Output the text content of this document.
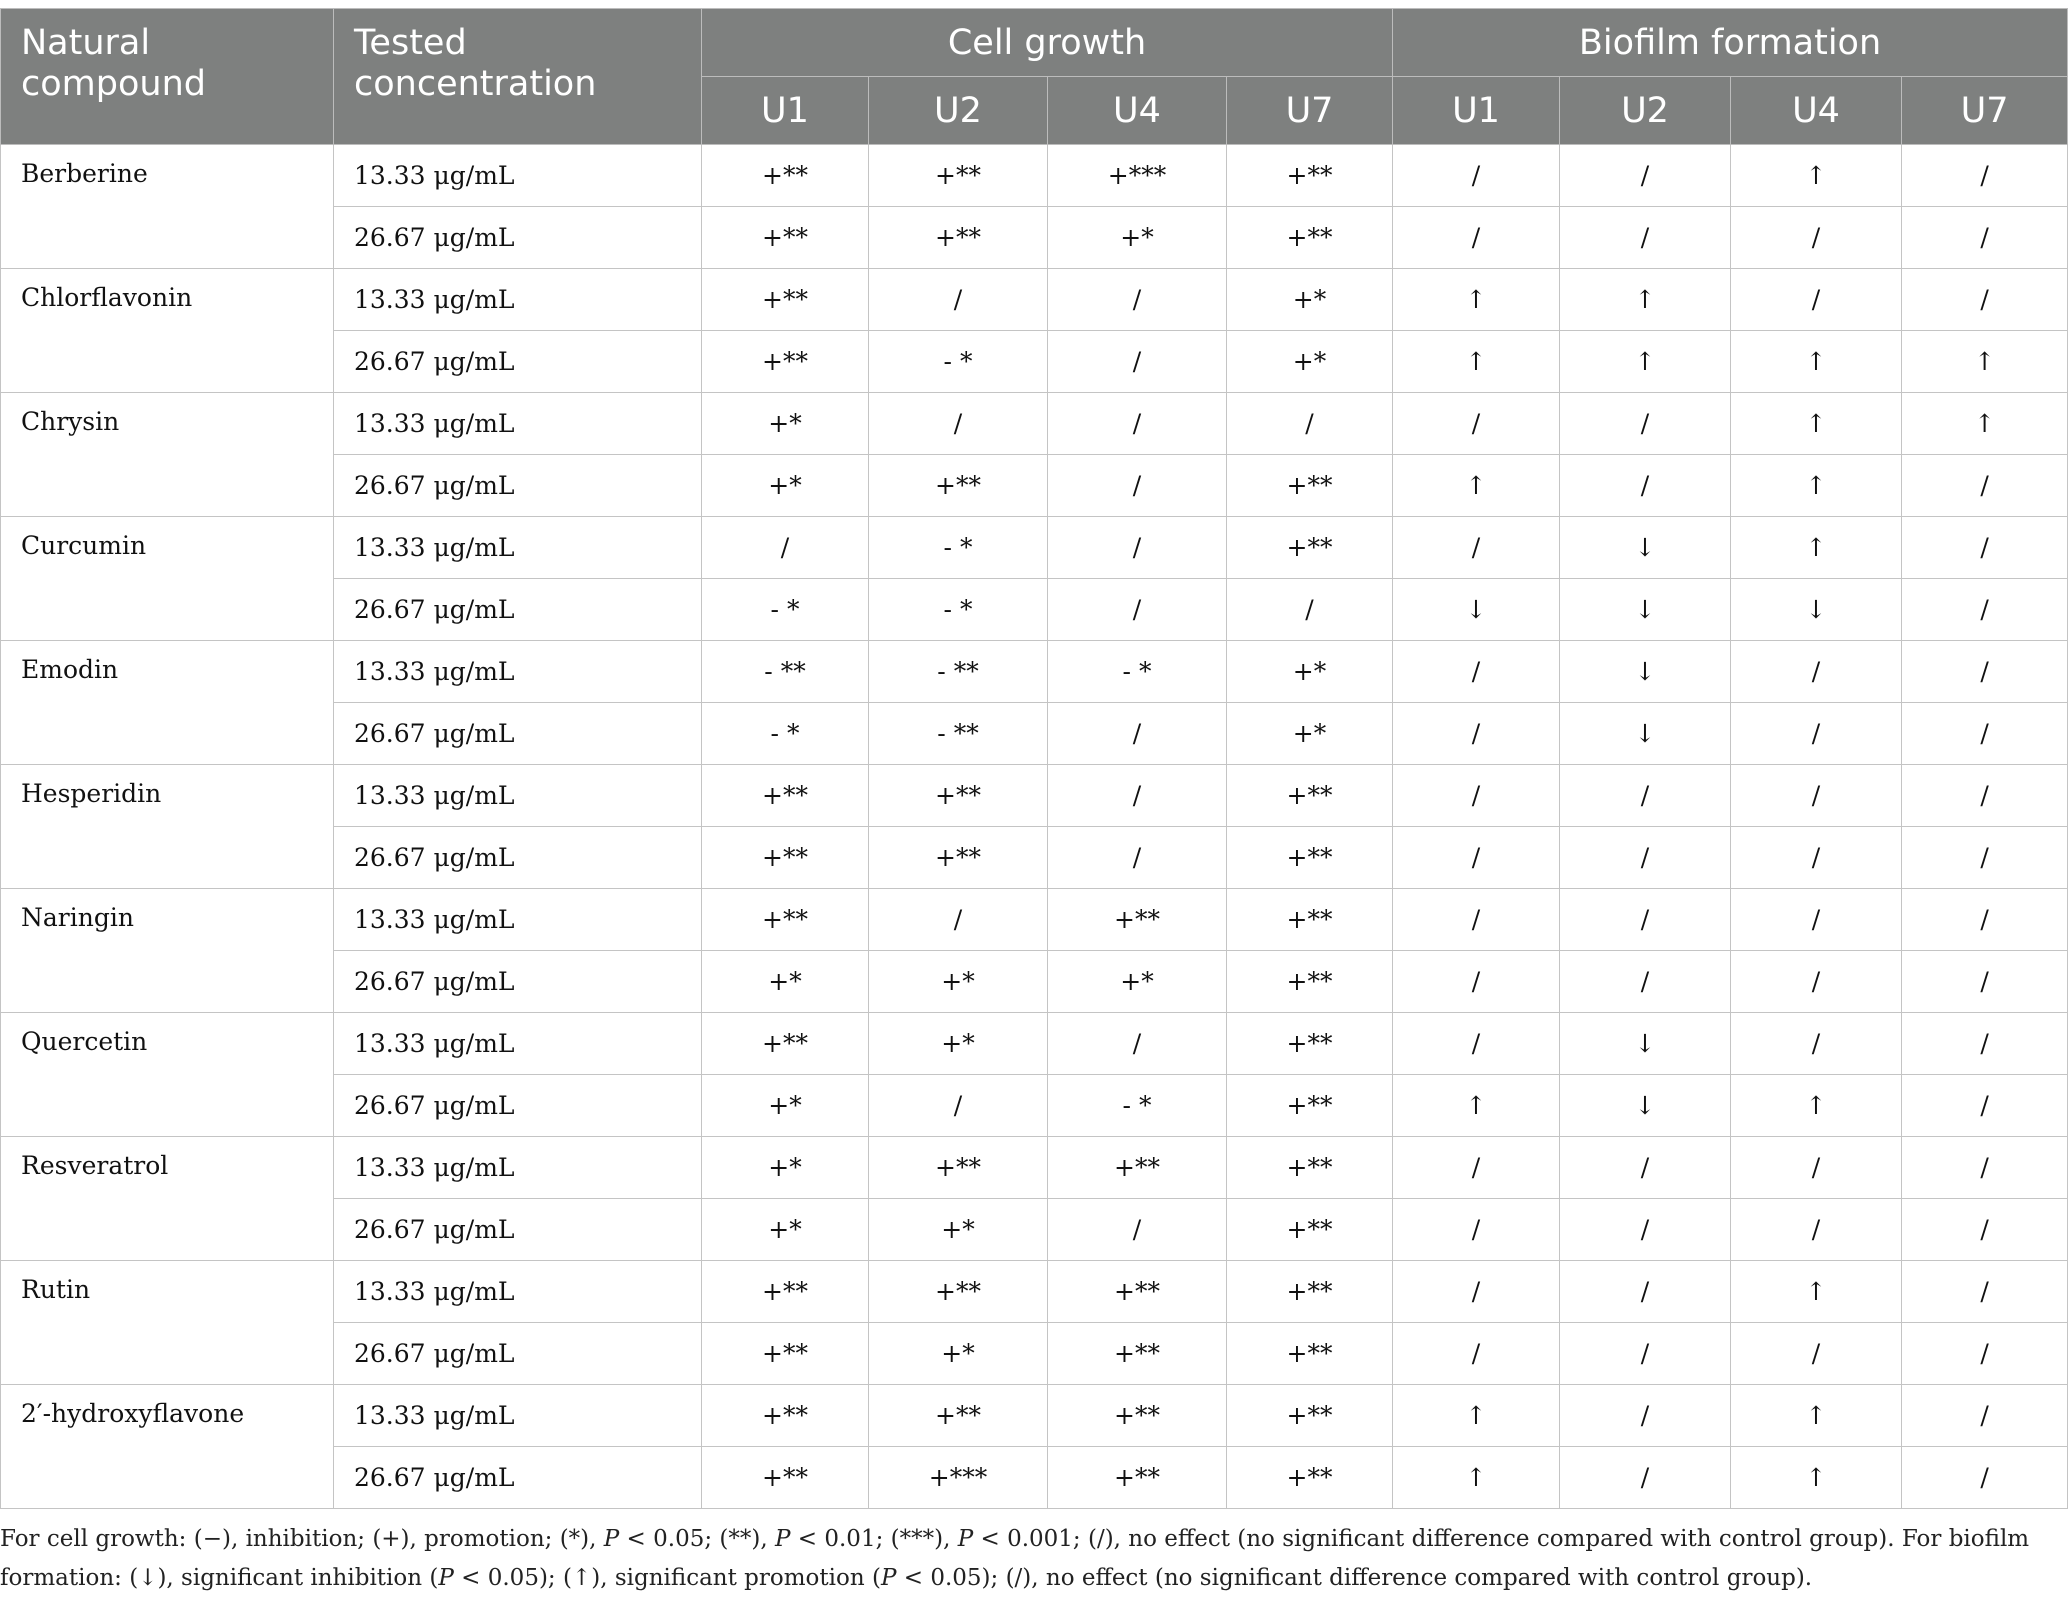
Natural compound	Tested concentration	Cell growth				Biofilm formation			
		U1	U2	U4	U7	U1	U2	U4	U7
Berberine	13.33 μg/mL	+**	+**	+***	+**	/	/	↑	/
	26.67 μg/mL	+**	+**	+*	+**	/	/	/	/
Chlorflavonin	13.33 μg/mL	+**	/	/	+*	↑	↑	/	/
	26.67 μg/mL	+**	- *	/	+*	↑	↑	↑	↑
Chrysin	13.33 μg/mL	+*	/	/	/	/	/	↑	↑
	26.67 μg/mL	+*	+**	/	+**	↑	/	↑	/
Curcumin	13.33 μg/mL	/	- *	/	+**	/	↓	↑	/
	26.67 μg/mL	- *	- *	/	/	↓	↓	↓	/
Emodin	13.33 μg/mL	- **	- **	- *	+*	/	↓	/	/
	26.67 μg/mL	- *	- **	/	+*	/	↓	/	/
Hesperidin	13.33 μg/mL	+**	+**	/	+**	/	/	/	/
	26.67 μg/mL	+**	+**	/	+**	/	/	/	/
Naringin	13.33 μg/mL	+**	/	+**	+**	/	/	/	/
	26.67 μg/mL	+*	+*	+*	+**	/	/	/	/
Quercetin	13.33 μg/mL	+**	+*	/	+**	/	↓	/	/
	26.67 μg/mL	+*	/	- *	+**	↑	↓	↑	/
Resveratrol	13.33 μg/mL	+*	+**	+**	+**	/	/	/	/
	26.67 μg/mL	+*	+*	/	+**	/	/	/	/
Rutin	13.33 μg/mL	+**	+**	+**	+**	/	/	↑	/
	26.67 μg/mL	+**	+*	+**	+**	/	/	/	/
2′-hydroxyflavone	13.33 μg/mL	+**	+**	+**	+**	↑	/	↑	/
	26.67 μg/mL	+**	+***	+**	+**	↑	/	↑	/
For cell growth: (−), inhibition; (+), promotion; (*), P < 0.05; (**), P < 0.01; (***), P < 0.001; (/), no effect (no significant difference compared with control group). For biofilm formation: (↓), significant inhibition (P < 0.05); (↑), significant promotion (P < 0.05); (/), no effect (no significant difference compared with control group).
